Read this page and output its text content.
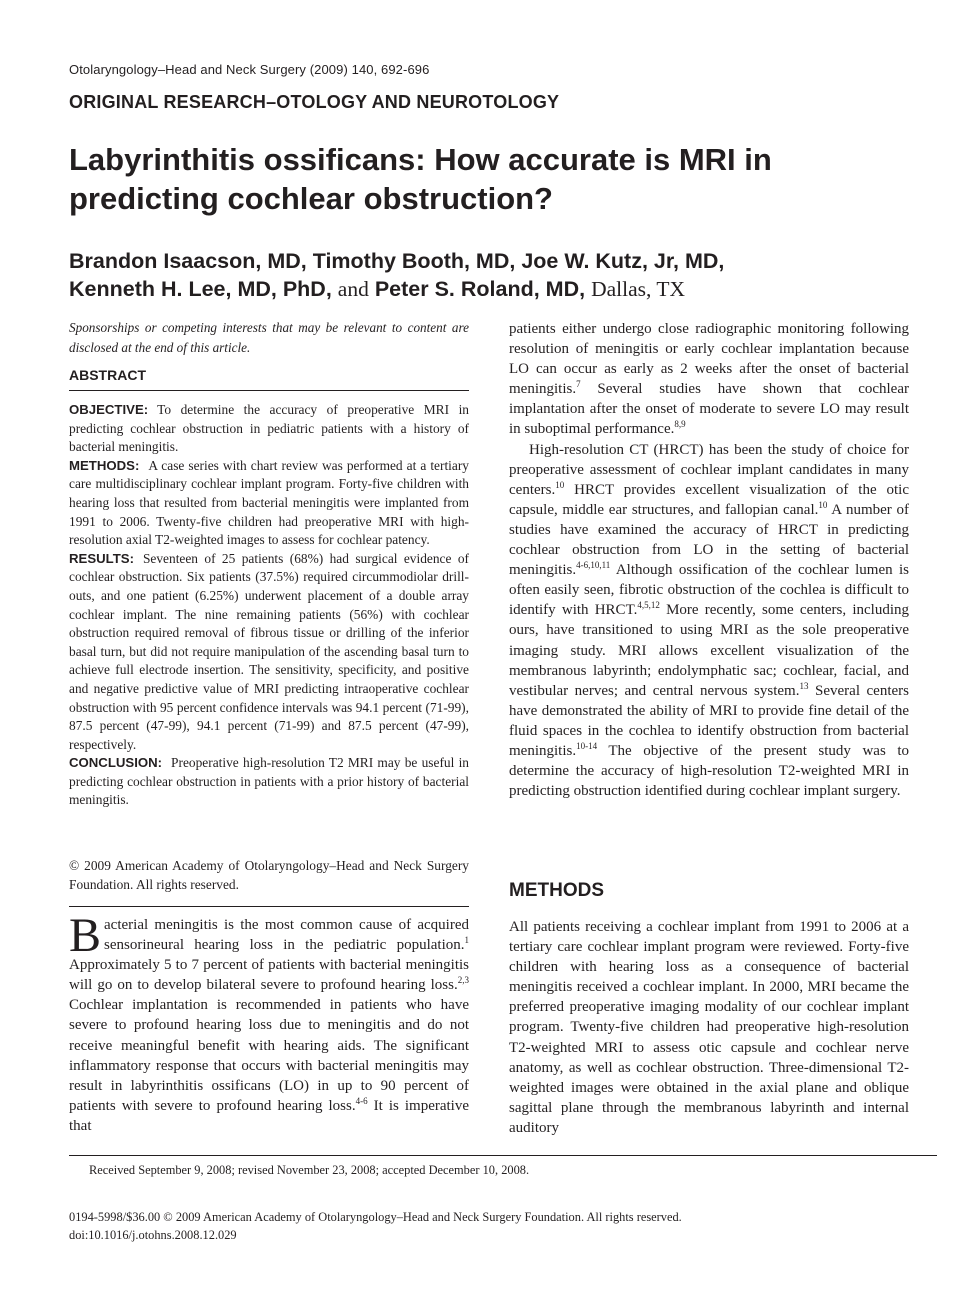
Otolaryngology–Head and Neck Surgery (2009) 140, 692-696
ORIGINAL RESEARCH–OTOLOGY AND NEUROTOLOGY
Labyrinthitis ossificans: How accurate is MRI in predicting cochlear obstruction?
Brandon Isaacson, MD, Timothy Booth, MD, Joe W. Kutz, Jr, MD,
Kenneth H. Lee, MD, PhD, and Peter S. Roland, MD, Dallas, TX
Sponsorships or competing interests that may be relevant to content are disclosed at the end of this article.
ABSTRACT

OBJECTIVE: To determine the accuracy of preoperative MRI in predicting cochlear obstruction in pediatric patients with a history of bacterial meningitis.

METHODS: A case series with chart review was performed at a tertiary care multidisciplinary cochlear implant program. Forty-five children with hearing loss that resulted from bacterial meningitis were implanted from 1991 to 2006. Twenty-five children had preoperative MRI with high-resolution axial T2-weighted images to assess for cochlear patency.

RESULTS: Seventeen of 25 patients (68%) had surgical evidence of cochlear obstruction. Six patients (37.5%) required circummodiolar drill-outs, and one patient (6.25%) underwent placement of a double array cochlear implant. The nine remaining patients (56%) with cochlear obstruction required removal of fibrous tissue or drilling of the inferior basal turn, but did not require manipulation of the ascending basal turn to achieve full electrode insertion. The sensitivity, specificity, and positive and negative predictive value of MRI predicting intraoperative cochlear obstruction with 95 percent confidence intervals was 94.1 percent (71-99), 87.5 percent (47-99), 94.1 percent (71-99) and 87.5 percent (47-99), respectively.

CONCLUSION: Preoperative high-resolution T2 MRI may be useful in predicting cochlear obstruction in patients with a prior history of bacterial meningitis.

© 2009 American Academy of Otolaryngology–Head and Neck Surgery Foundation. All rights reserved.

Bacterial meningitis is the most common cause of acquired sensorineural hearing loss in the pediatric population.$^1$ Approximately 5 to 7 percent of patients with bacterial meningitis will go on to develop bilateral severe to profound hearing loss.$^{2,3}$ Cochlear implantation is recommended in patients who have severe to profound hearing loss due to meningitis and do not receive meaningful benefit with hearing aids. The significant inflammatory response that occurs with bacterial meningitis may result in labyrinthitis ossificans (LO) in up to 90 percent of patients with severe to profound hearing loss.$^{4-6}$ It is imperative that

patients either undergo close radiographic monitoring following resolution of meningitis or early cochlear implantation because LO can occur as early as 2 weeks after the onset of bacterial meningitis.$^7$ Several studies have shown that cochlear implantation after the onset of moderate to severe LO may result in suboptimal performance.$^{8,9}$

High-resolution CT (HRCT) has been the study of choice for preoperative assessment of cochlear implant candidates in many centers.$^{10}$ HRCT provides excellent visualization of the otic capsule, middle ear structures, and fallopian canal.$^{10}$ A number of studies have examined the accuracy of HRCT in predicting cochlear obstruction from LO in the setting of bacterial meningitis.$^{4-6,10,11}$ Although ossification of the cochlear lumen is often easily seen, fibrotic obstruction of the cochlea is difficult to identify with HRCT.$^{4,5,12}$ More recently, some centers, including ours, have transitioned to using MRI as the sole preoperative imaging study. MRI allows excellent visualization of the membranous labyrinth; endolymphatic sac; cochlear, facial, and vestibular nerves; and central nervous system.$^{13}$ Several centers have demonstrated the ability of MRI to provide fine detail of the fluid spaces in the cochlea to identify obstruction from bacterial meningitis.$^{10-14}$ The objective of the present study was to determine the accuracy of high-resolution T2-weighted MRI in predicting obstruction identified during cochlear implant surgery.

METHODS

All patients receiving a cochlear implant from 1991 to 2006 at a tertiary care cochlear implant program were reviewed. Forty-five children with hearing loss as a consequence of bacterial meningitis received a cochlear implant. In 2000, MRI became the preferred preoperative imaging modality of our cochlear implant program. Twenty-five children had preoperative high-resolution T2-weighted MRI to assess otic capsule and cochlear nerve anatomy, as well as cochlear obstruction. Three-dimensional T2-weighted images were obtained in the axial plane and oblique sagittal plane through the membranous labyrinth and internal auditory

Received September 9, 2008; revised November 23, 2008; accepted December 10, 2008.
0194-5998/$36.00 © 2009 American Academy of Otolaryngology–Head and Neck Surgery Foundation. All rights reserved.
doi:10.1016/j.otohns.2008.12.029
